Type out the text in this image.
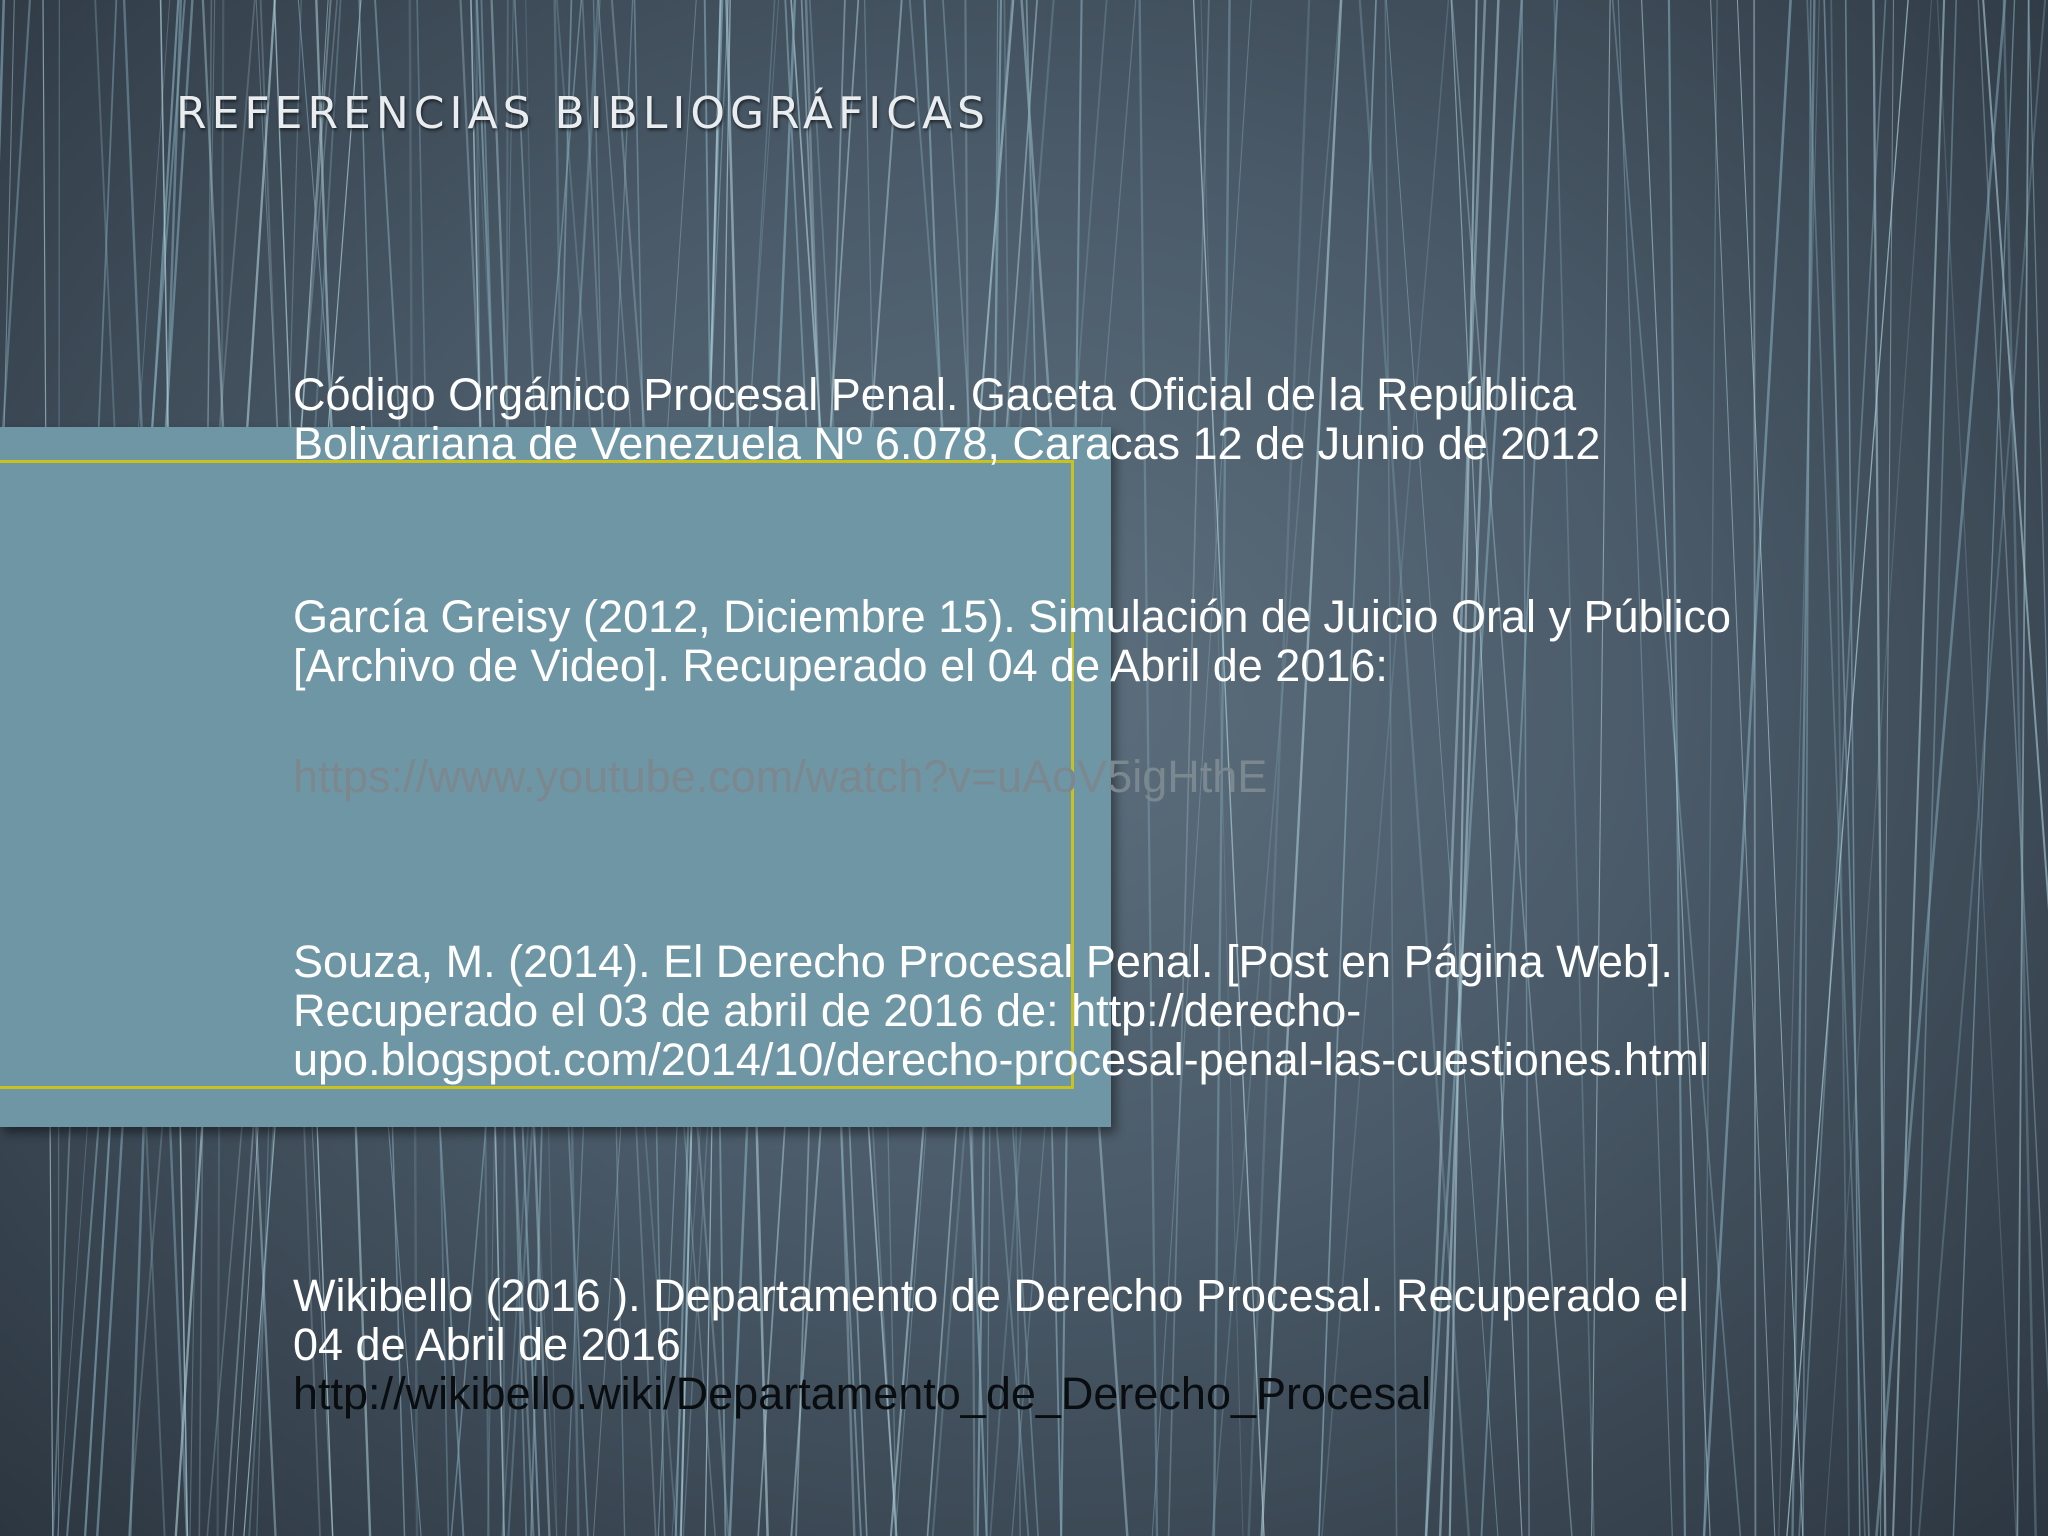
REFERENCIAS BIBLIOGRÁFICAS

Código Orgánico Procesal Penal. Gaceta Oficial de la República Bolivariana de Venezuela Nº 6.078, Caracas 12 de Junio de 2012

García Greisy (2012, Diciembre 15). Simulación de Juicio Oral y Público [Archivo de Video]. Recuperado el 04 de Abril de 2016:

https://www.youtube.com/watch?v=uAoV5igHthE

Souza, M. (2014). El Derecho Procesal Penal. [Post en Página Web]. Recuperado el 03 de abril de 2016 de: http://derecho-upo.blogspot.com/2014/10/derecho-procesal-penal-las-cuestiones.html

Wikibello (2016 ). Departamento de Derecho Procesal. Recuperado el 04 de Abril de 2016
http://wikibello.wiki/Departamento_de_Derecho_Procesal
